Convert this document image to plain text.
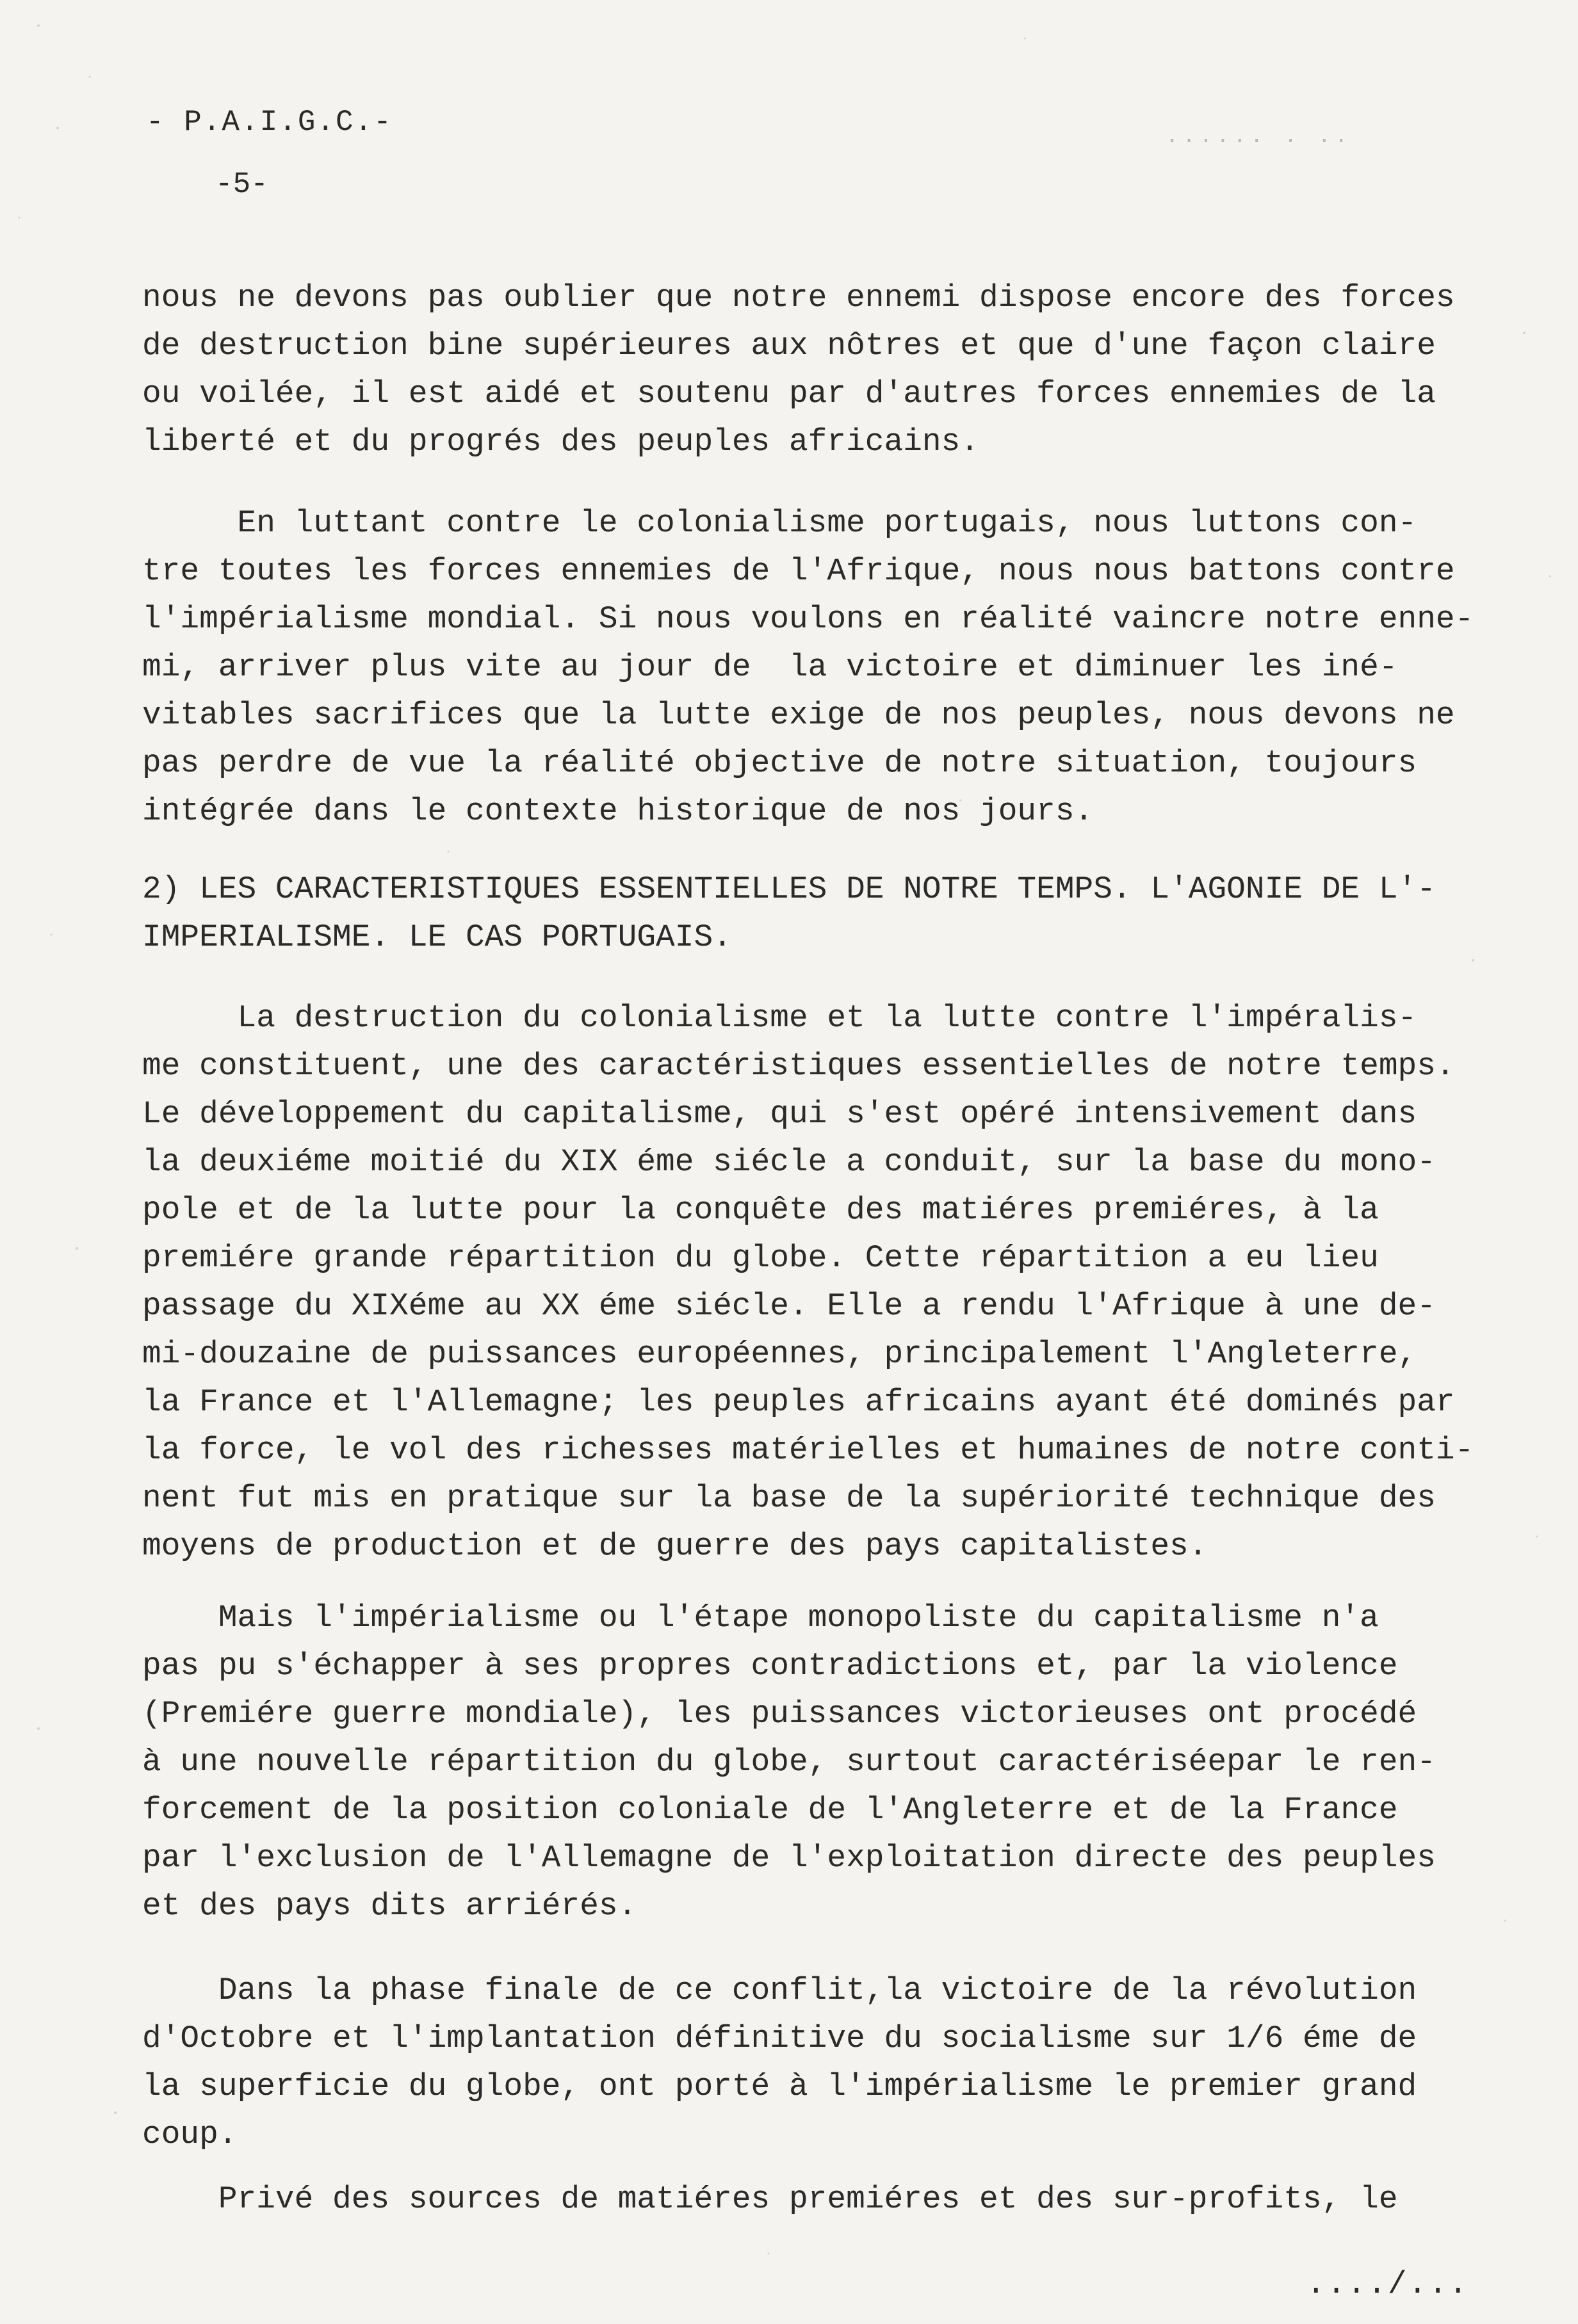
- P.A.I.G.C.-
-5-
...... . ..
nous ne devons pas oublier que notre ennemi dispose encore des forces
de destruction bine supérieures aux nôtres et que d'une façon claire
ou voilée, il est aidé et soutenu par d'autres forces ennemies de la
liberté et du progrés des peuples africains.
En luttant contre le colonialisme portugais, nous luttons con-
tre toutes les forces ennemies de l'Afrique, nous nous battons contre
l'impérialisme mondial. Si nous voulons en réalité vaincre notre enne-
mi, arriver plus vite au jour de  la victoire et diminuer les iné-
vitables sacrifices que la lutte exige de nos peuples, nous devons ne
pas perdre de vue la réalité objective de notre situation, toujours
intégrée dans le contexte historique de nos jours.
2) LES CARACTERISTIQUES ESSENTIELLES DE NOTRE TEMPS. L'AGONIE DE L'-
IMPERIALISME. LE CAS PORTUGAIS.
La destruction du colonialisme et la lutte contre l'impéralis-
me constituent, une des caractéristiques essentielles de notre temps.
Le développement du capitalisme, qui s'est opéré intensivement dans
la deuxiéme moitié du XIX éme siécle a conduit, sur la base du mono-
pole et de la lutte pour la conquête des matiéres premiéres, à la
premiére grande répartition du globe. Cette répartition a eu lieu
passage du XIXéme au XX éme siécle. Elle a rendu l'Afrique à une de-
mi-douzaine de puissances européennes, principalement l'Angleterre,
la France et l'Allemagne; les peuples africains ayant été dominés par
la force, le vol des richesses matérielles et humaines de notre conti-
nent fut mis en pratique sur la base de la supériorité technique des
moyens de production et de guerre des pays capitalistes.
Mais l'impérialisme ou l'étape monopoliste du capitalisme n'a
pas pu s'échapper à ses propres contradictions et, par la violence
(Premiére guerre mondiale), les puissances victorieuses ont procédé
à une nouvelle répartition du globe, surtout caractériséepar le ren-
forcement de la position coloniale de l'Angleterre et de la France
par l'exclusion de l'Allemagne de l'exploitation directe des peuples
et des pays dits arriérés.
Dans la phase finale de ce conflit,la victoire de la révolution
d'Octobre et l'implantation définitive du socialisme sur 1/6 éme de
la superficie du globe, ont porté à l'impérialisme le premier grand
coup.
Privé des sources de matiéres premiéres et des sur-profits, le
..../...
